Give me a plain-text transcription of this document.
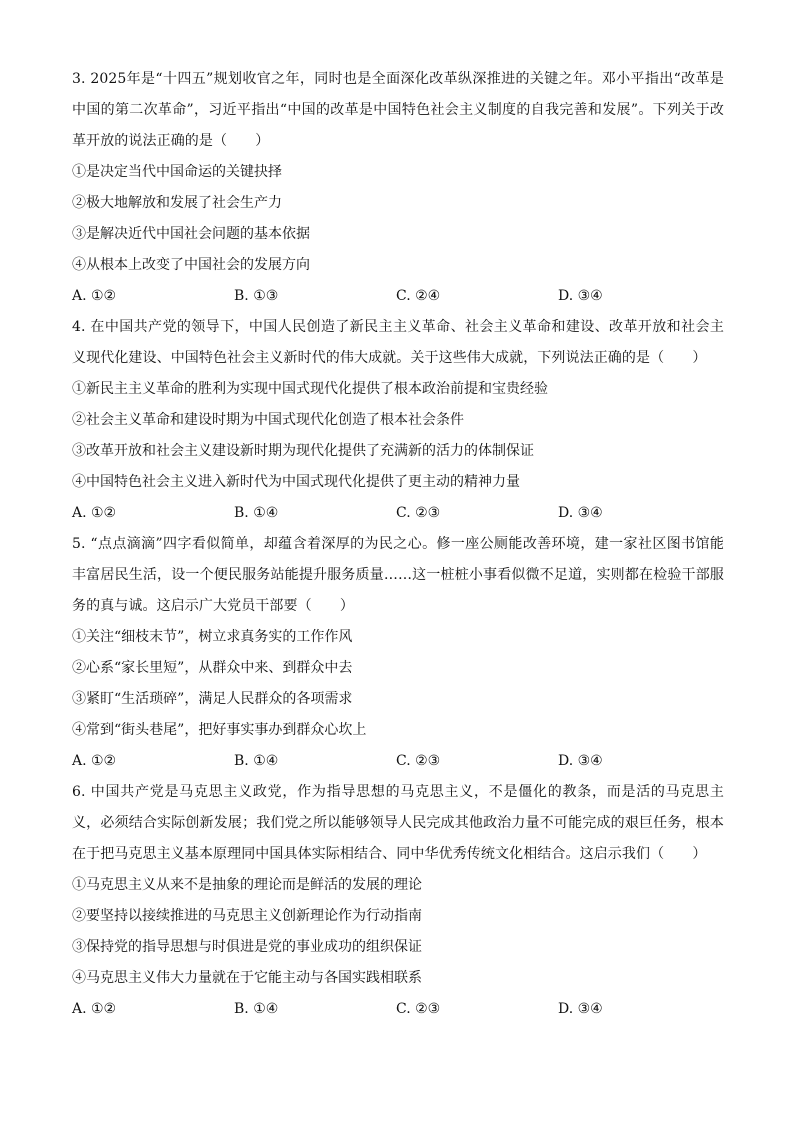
3. 2025年是“十四五”规划收官之年，同时也是全面深化改革纵深推进的关键之年。邓小平指出“改革是中国的第二次革命”，习近平指出“中国的改革是中国特色社会主义制度的自我完善和发展”。下列关于改革开放的说法正确的是（　　）

①是决定当代中国命运的关键抉择

②极大地解放和发展了社会生产力

③是解决近代中国社会问题的基本依据

④从根本上改变了中国社会的发展方向

A. ①②	B. ①③	C. ②④	D. ③④

4. 在中国共产党的领导下，中国人民创造了新民主主义革命、社会主义革命和建设、改革开放和社会主义现代化建设、中国特色社会主义新时代的伟大成就。关于这些伟大成就，下列说法正确的是（　　）

①新民主主义革命的胜利为实现中国式现代化提供了根本政治前提和宝贵经验

②社会主义革命和建设时期为中国式现代化创造了根本社会条件

③改革开放和社会主义建设新时期为现代化提供了充满新的活力的体制保证

④中国特色社会主义进入新时代为中国式现代化提供了更主动的精神力量

A. ①②	B. ①④	C. ②③	D. ③④

5. “点点滴滴”四字看似简单，却蕴含着深厚的为民之心。修一座公厕能改善环境，建一家社区图书馆能丰富居民生活，设一个便民服务站能提升服务质量……这一桩桩小事看似微不足道，实则都在检验干部服务的真与诚。这启示广大党员干部要（　　）

①关注“细枝末节”，树立求真务实的工作作风

②心系“家长里短”，从群众中来、到群众中去

③紧盯“生活琐碎”，满足人民群众的各项需求

④常到“街头巷尾”，把好事实事办到群众心坎上

A. ①②	B. ①④	C. ②③	D. ③④

6. 中国共产党是马克思主义政党，作为指导思想的马克思主义，不是僵化的教条，而是活的马克思主义，必须结合实际创新发展；我们党之所以能够领导人民完成其他政治力量不可能完成的艰巨任务，根本在于把马克思主义基本原理同中国具体实际相结合、同中华优秀传统文化相结合。这启示我们（　　）

①马克思主义从来不是抽象的理论而是鲜活的发展的理论

②要坚持以接续推进的马克思主义创新理论作为行动指南

③保持党的指导思想与时俱进是党的事业成功的组织保证

④马克思主义伟大力量就在于它能主动与各国实践相联系

A. ①②	B. ①④	C. ②③	D. ③④
